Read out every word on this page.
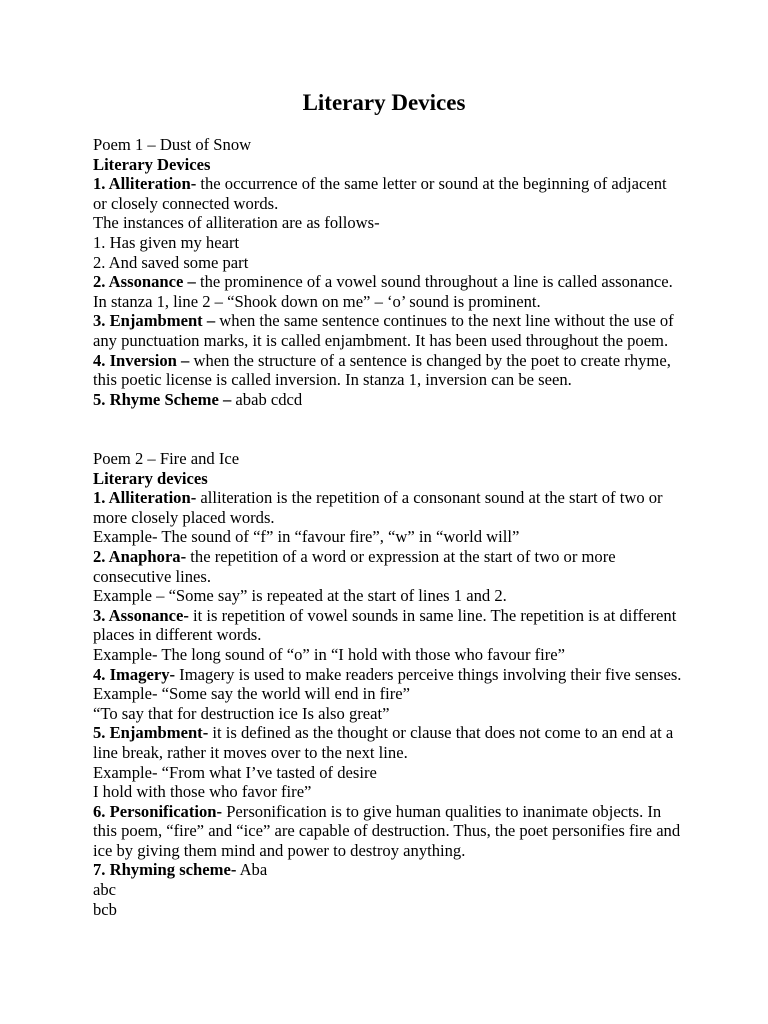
Literary Devices

Poem 1 – Dust of Snow

Literary Devices

1. Alliteration- the occurrence of the same letter or sound at the beginning of adjacent or closely connected words.

The instances of alliteration are as follows-

1. Has given my heart

2. And saved some part

2. Assonance – the prominence of a vowel sound throughout a line is called assonance. In stanza 1, line 2 – “Shook down on me” – ‘o’ sound is prominent.

3. Enjambment – when the same sentence continues to the next line without the use of any punctuation marks, it is called enjambment. It has been used throughout the poem.

4. Inversion – when the structure of a sentence is changed by the poet to create rhyme, this poetic license is called inversion. In stanza 1, inversion can be seen.

5. Rhyme Scheme – abab cdcd

Poem 2 – Fire and Ice

Literary devices

1. Alliteration- alliteration is the repetition of a consonant sound at the start of two or more closely placed words.

Example- The sound of “f” in “favour fire”, “w” in “world will”

2. Anaphora- the repetition of a word or expression at the start of two or more consecutive lines.

Example – “Some say” is repeated at the start of lines 1 and 2.

3. Assonance- it is repetition of vowel sounds in same line. The repetition is at different places in different words.

Example- The long sound of “o” in “I hold with those who favour fire”

4. Imagery- Imagery is used to make readers perceive things involving their five senses. Example- “Some say the world will end in fire”

“To say that for destruction ice Is also great”

5. Enjambment- it is defined as the thought or clause that does not come to an end at a line break, rather it moves over to the next line.

Example- “From what I’ve tasted of desire

I hold with those who favor fire”

6. Personification- Personification is to give human qualities to inanimate objects. In this poem, “fire” and “ice” are capable of destruction. Thus, the poet personifies fire and ice by giving them mind and power to destroy anything.

7. Rhyming scheme- Aba

abc

bcb
